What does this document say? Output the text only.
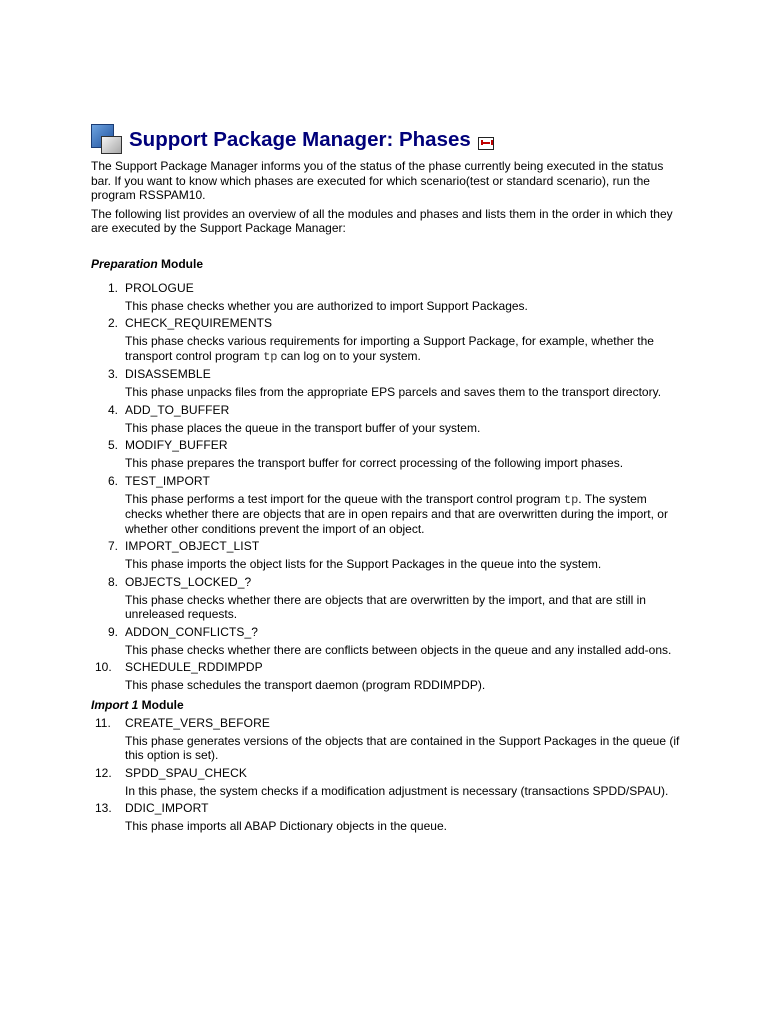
Support Package Manager: Phases

The Support Package Manager informs you of the status of the phase currently being executed in the status bar. If you want to know which phases are executed for which scenario(test or standard scenario), run the program RSSPAM10.

The following list provides an overview of all the modules and phases and lists them in the order in which they are executed by the Support Package Manager:

Preparation Module
1. PROLOGUE

This phase checks whether you are authorized to import Support Packages.

2. CHECK_REQUIREMENTS

This phase checks various requirements for importing a Support Package, for example, whether the transport control program tp can log on to your system.

3. DISASSEMBLE

This phase unpacks files from the appropriate EPS parcels and saves them to the transport directory.

4. ADD_TO_BUFFER

This phase places the queue in the transport buffer of your system.

5. MODIFY_BUFFER

This phase prepares the transport buffer for correct processing of the following import phases.

6. TEST_IMPORT

This phase performs a test import for the queue with the transport control program tp. The system checks whether there are objects that are in open repairs and that are overwritten during the import, or whether other conditions prevent the import of an object.

7. IMPORT_OBJECT_LIST

This phase imports the object lists for the Support Packages in the queue into the system.

8. OBJECTS_LOCKED_?

This phase checks whether there are objects that are overwritten by the import, and that are still in unreleased requests.

9. ADDON_CONFLICTS_?

This phase checks whether there are conflicts between objects in the queue and any installed add-ons.

10.	SCHEDULE_RDDIMPDP

This phase schedules the transport daemon (program RDDIMPDP).

Import 1 Module
11.	CREATE_VERS_BEFORE

This phase generates versions of the objects that are contained in the Support Packages in the queue (if this option is set).

12.	SPDD_SPAU_CHECK

In this phase, the system checks if a modification adjustment is necessary (transactions SPDD/SPAU).

13.	DDIC_IMPORT

This phase imports all ABAP Dictionary objects in the queue.
